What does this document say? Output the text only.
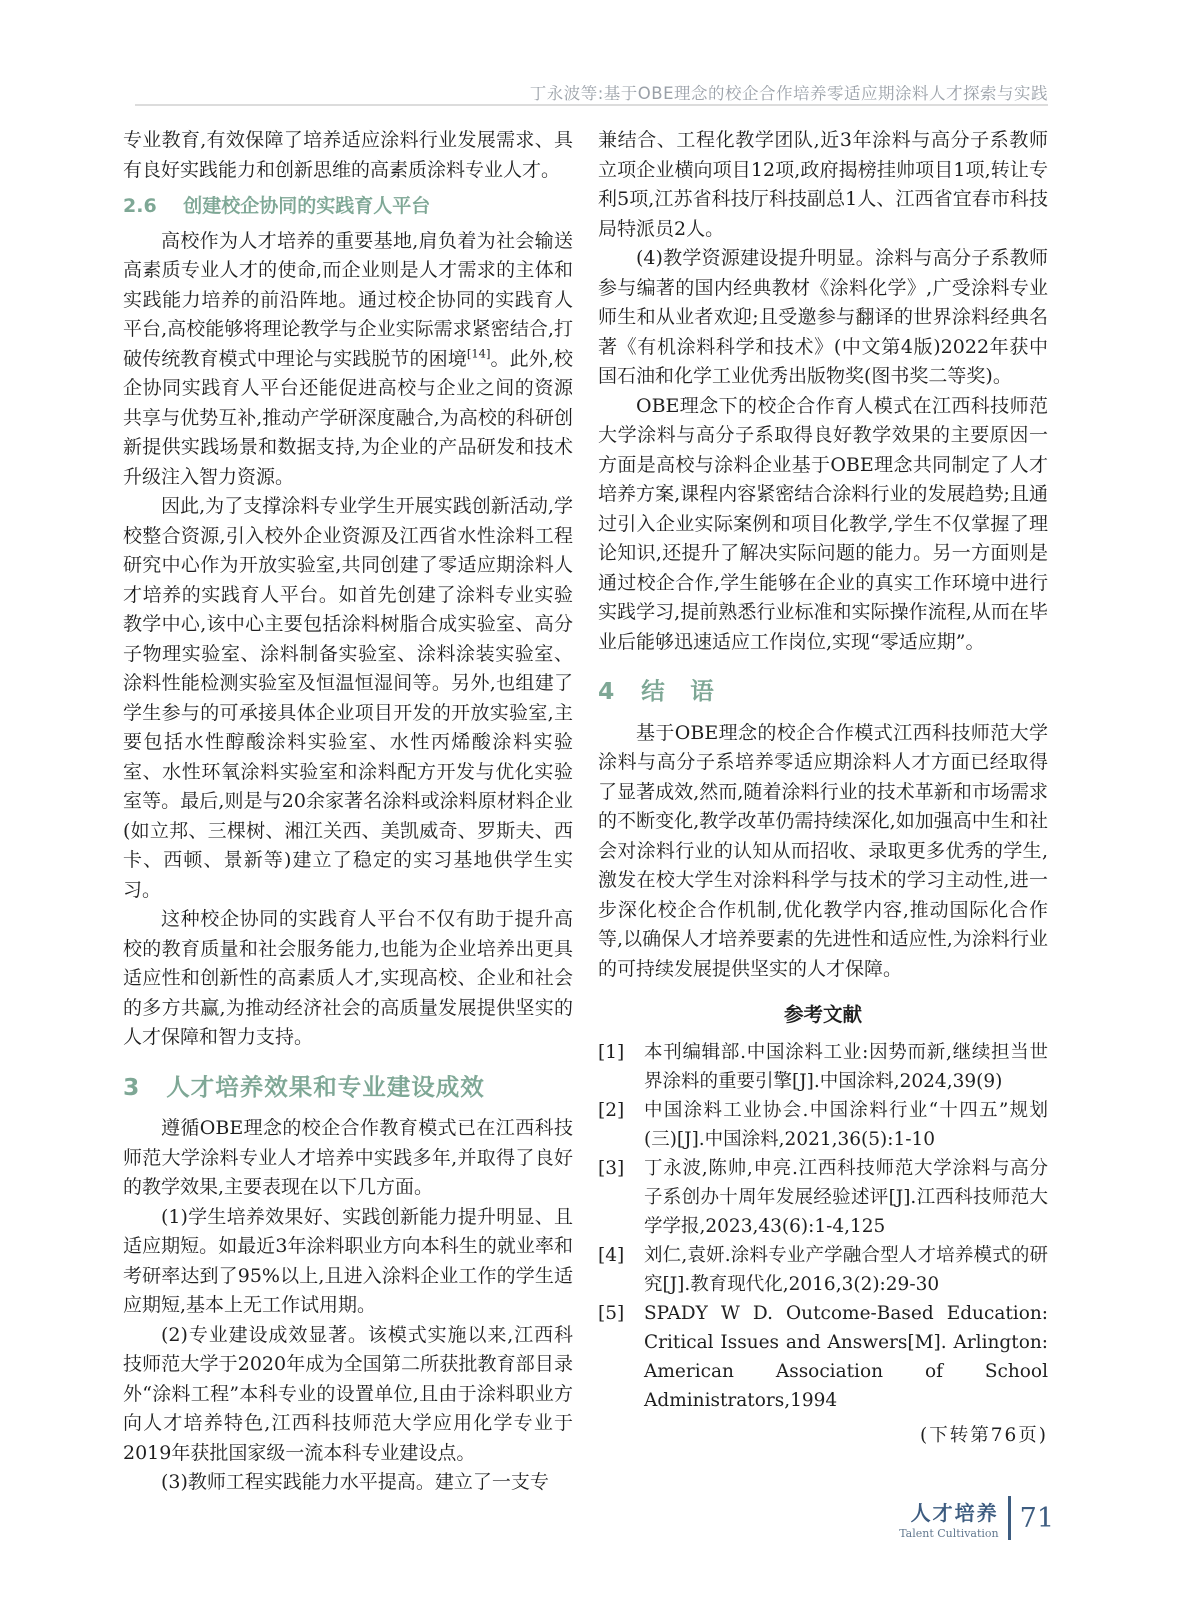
丁永波等:基于OBE理念的校企合作培养零适应期涂料人才探索与实践

专业教育,有效保障了培养适应涂料行业发展需求、具有良好实践能力和创新思维的高素质涂料专业人才。

2.6 创建校企协同的实践育人平台

高校作为人才培养的重要基地,肩负着为社会输送高素质专业人才的使命,而企业则是人才需求的主体和实践能力培养的前沿阵地。通过校企协同的实践育人平台,高校能够将理论教学与企业实际需求紧密结合,打破传统教育模式中理论与实践脱节的困境[14]。此外,校企协同实践育人平台还能促进高校与企业之间的资源共享与优势互补,推动产学研深度融合,为高校的科研创新提供实践场景和数据支持,为企业的产品研发和技术升级注入智力资源。

因此,为了支撑涂料专业学生开展实践创新活动,学校整合资源,引入校外企业资源及江西省水性涂料工程研究中心作为开放实验室,共同创建了零适应期涂料人才培养的实践育人平台。如首先创建了涂料专业实验教学中心,该中心主要包括涂料树脂合成实验室、高分子物理实验室、涂料制备实验室、涂料涂装实验室、涂料性能检测实验室及恒温恒湿间等。另外,也组建了学生参与的可承接具体企业项目开发的开放实验室,主要包括水性醇酸涂料实验室、水性丙烯酸涂料实验室、水性环氧涂料实验室和涂料配方开发与优化实验室等。最后,则是与20余家著名涂料或涂料原材料企业(如立邦、三棵树、湘江关西、美凯威奇、罗斯夫、西卡、西顿、景新等)建立了稳定的实习基地供学生实习。

这种校企协同的实践育人平台不仅有助于提升高校的教育质量和社会服务能力,也能为企业培养出更具适应性和创新性的高素质人才,实现高校、企业和社会的多方共赢,为推动经济社会的高质量发展提供坚实的人才保障和智力支持。

3 人才培养效果和专业建设成效

遵循OBE理念的校企合作教育模式已在江西科技师范大学涂料专业人才培养中实践多年,并取得了良好的教学效果,主要表现在以下几方面。

(1)学生培养效果好、实践创新能力提升明显、且适应期短。如最近3年涂料职业方向本科生的就业率和考研率达到了95%以上,且进入涂料企业工作的学生适应期短,基本上无工作试用期。

(2)专业建设成效显著。该模式实施以来,江西科技师范大学于2020年成为全国第二所获批教育部目录外“涂料工程”本科专业的设置单位,且由于涂料职业方向人才培养特色,江西科技师范大学应用化学专业于2019年获批国家级一流本科专业建设点。

(3)教师工程实践能力水平提高。建立了一支专

兼结合、工程化教学团队,近3年涂料与高分子系教师立项企业横向项目12项,政府揭榜挂帅项目1项,转让专利5项,江苏省科技厅科技副总1人、江西省宜春市科技局特派员2人。

(4)教学资源建设提升明显。涂料与高分子系教师参与编著的国内经典教材《涂料化学》,广受涂料专业师生和从业者欢迎;且受邀参与翻译的世界涂料经典名著《有机涂料科学和技术》(中文第4版)2022年获中国石油和化学工业优秀出版物奖(图书奖二等奖)。

OBE理念下的校企合作育人模式在江西科技师范大学涂料与高分子系取得良好教学效果的主要原因一方面是高校与涂料企业基于OBE理念共同制定了人才培养方案,课程内容紧密结合涂料行业的发展趋势;且通过引入企业实际案例和项目化教学,学生不仅掌握了理论知识,还提升了解决实际问题的能力。另一方面则是通过校企合作,学生能够在企业的真实工作环境中进行实践学习,提前熟悉行业标准和实际操作流程,从而在毕业后能够迅速适应工作岗位,实现“零适应期”。

4 结　语

基于OBE理念的校企合作模式江西科技师范大学涂料与高分子系培养零适应期涂料人才方面已经取得了显著成效,然而,随着涂料行业的技术革新和市场需求的不断变化,教学改革仍需持续深化,如加强高中生和社会对涂料行业的认知从而招收、录取更多优秀的学生,激发在校大学生对涂料科学与技术的学习主动性,进一步深化校企合作机制,优化教学内容,推动国际化合作等,以确保人才培养要素的先进性和适应性,为涂料行业的可持续发展提供坚实的人才保障。

参考文献

[1]	本刊编辑部.中国涂料工业:因势而新,继续担当世界涂料的重要引擎[J].中国涂料,2024,39(9)
[2]	中国涂料工业协会.中国涂料行业“十四五”规划(三)[J].中国涂料,2021,36(5):1-10
[3]	丁永波,陈帅,申亮.江西科技师范大学涂料与高分子系创办十周年发展经验述评[J].江西科技师范大学学报,2023,43(6):1-4,125
[4]	刘仁,袁妍.涂料专业产学融合型人才培养模式的研究[J].教育现代化,2016,3(2):29-30
[5]	SPADY W D. Outcome-Based Education: Critical Issues and Answers[M]. Arlington: American Association of School Administrators,1994

(下转第76页)

人才培养
Talent Cultivation 71
